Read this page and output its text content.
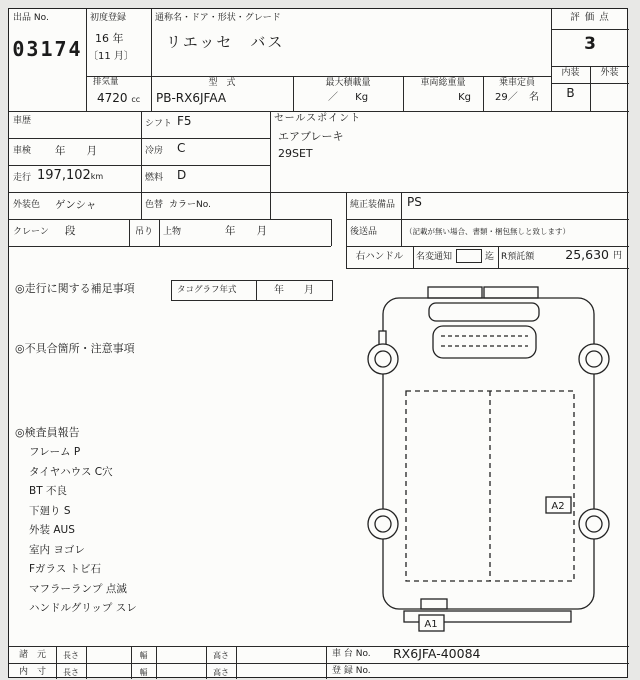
出品 No.
03174
初度登録
16 年
〔11 月〕
通称名・ドア・形状・グレード
リエッセ　バス
評 価 点
3
内装	外装
B
排気量
4720 cc
型　式
PB-RX6JFAA
最大積載量
／ Kg
車両総重量
Kg
乗車定員
29／ 名
車歴	シフト F5
車検 年　　月	冷房 C
走行 197,102km	燃料 D
外装色 ゲンシャ	色替 カラーNo.
クレーン 段	吊り	上物	年　　月
セールスポイント
エアブレーキ
29SET
純正装備品 PS
後送品	（記載が無い場合、書類・梱包無しと致します）
右ハンドル	名変通知	迄 R預託額	25,630 円
◎走行に関する補足事項	タコグラフ年式	年　　月
◎不具合箇所・注意事項
◎検査員報告
フレーム P
タイヤハウス C穴
BT 不良
下廻り S
外装 AUS
室内 ヨゴレ
Fガラス トビ石
マフラーランプ 点滅
ハンドルグリップ スレ
A2
A1
諸　元	長さ	幅	高さ	車 台 No. RX6JFA-40084
内　寸	長さ	幅	高さ	登 録 No.
